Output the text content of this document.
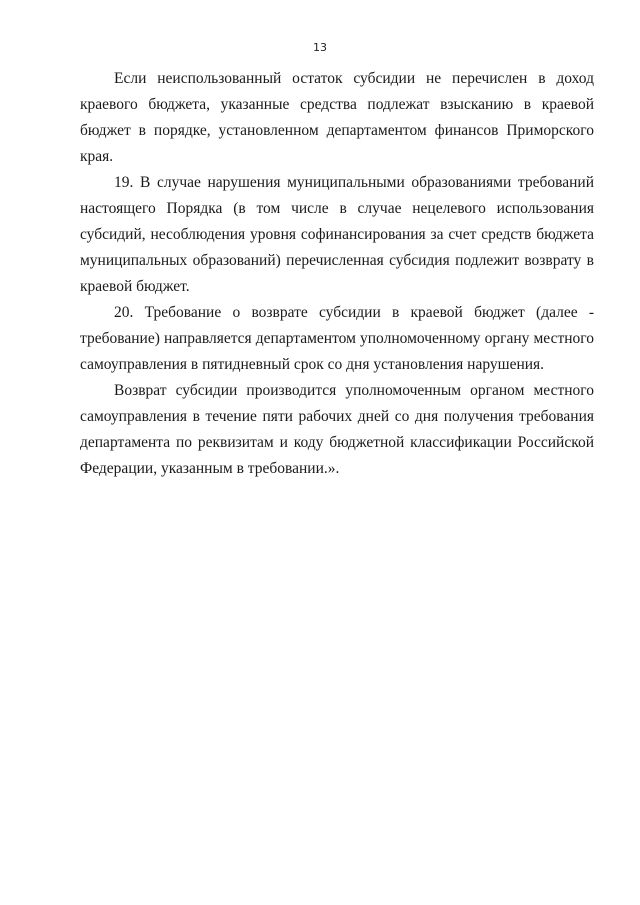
13

Если неиспользованный остаток субсидии не перечислен в доход краевого бюджета, указанные средства подлежат взысканию в краевой бюджет в порядке, установленном департаментом финансов Приморского края.

19. В случае нарушения муниципальными образованиями требований настоящего Порядка (в том числе в случае нецелевого использования субсидий, несоблюдения уровня софинансирования за счет средств бюджета муниципальных образований) перечисленная субсидия подлежит возврату в краевой бюджет.

20. Требование о возврате субсидии в краевой бюджет (далее - требование) направляется департаментом уполномоченному органу местного самоуправления в пятидневный срок со дня установления нарушения.

Возврат субсидии производится уполномоченным органом местного самоуправления в течение пяти рабочих дней со дня получения требования департамента по реквизитам и коду бюджетной классификации Российской Федерации, указанным в требовании.».
